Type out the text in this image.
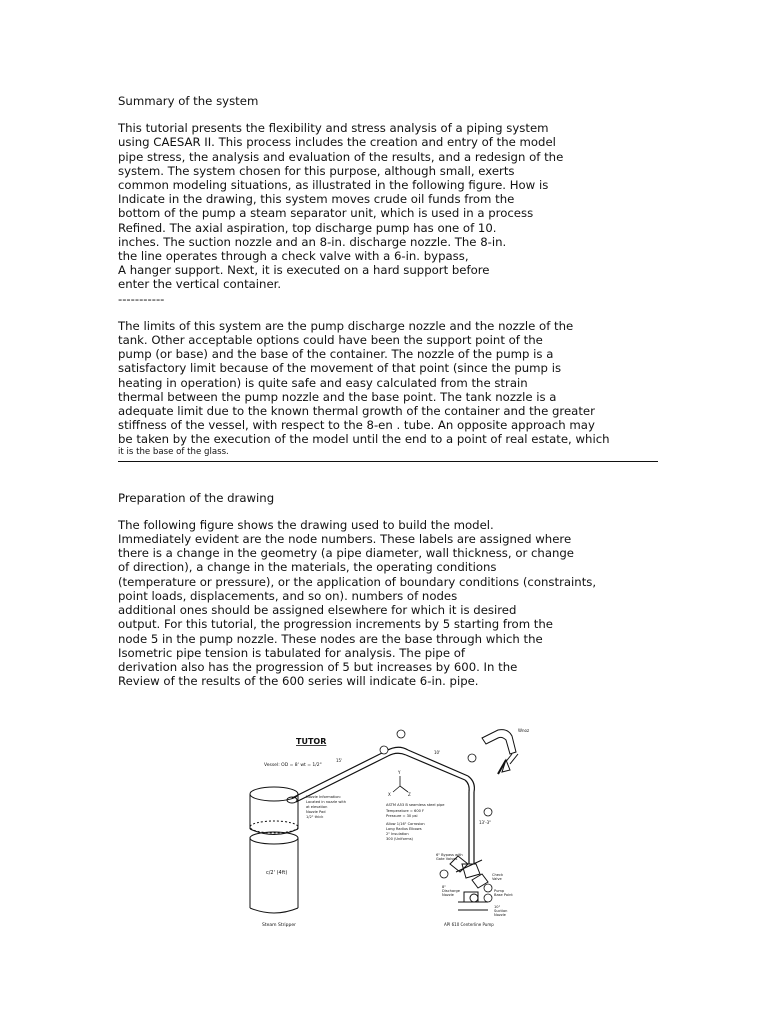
Summary of the system

This tutorial presents the flexibility and stress analysis of a piping system
using CAESAR II. This process includes the creation and entry of the model
pipe stress, the analysis and evaluation of the results, and a redesign of the
system. The system chosen for this purpose, although small, exerts
common modeling situations, as illustrated in the following figure. How is
Indicate in the drawing, this system moves crude oil funds from the
bottom of the pump a steam separator unit, which is used in a process
Refined. The axial aspiration, top discharge pump has one of 10.
inches. The suction nozzle and an 8-in. discharge nozzle. The 8-in.
the line operates through a check valve with a 6-in. bypass,
A hanger support. Next, it is executed on a hard support before
enter the vertical container.
-----------

The limits of this system are the pump discharge nozzle and the nozzle of the
tank. Other acceptable options could have been the support point of the
pump (or base) and the base of the container. The nozzle of the pump is a
satisfactory limit because of the movement of that point (since the pump is
heating in operation) is quite safe and easy calculated from the strain
thermal between the pump nozzle and the base point. The tank nozzle is a
adequate limit due to the known thermal growth of the container and the greater
stiffness of the vessel, with respect to the 8-en . tube. An opposite approach may
be taken by the execution of the model until the end to a point of real estate, which

it is the base of the glass.

Preparation of the drawing

The following figure shows the drawing used to build the model.
Immediately evident are the node numbers. These labels are assigned where
there is a change in the geometry (a pipe diameter, wall thickness, or change
of direction), a change in the materials, the operating conditions
(temperature or pressure), or the application of boundary conditions (constraints,
point loads, displacements, and so on). numbers of nodes
additional ones should be assigned elsewhere for which it is desired
output. For this tutorial, the progression increments by 5 starting from the
node 5 in the pump nozzle. These nodes are the base through which the
Isometric pipe tension is tabulated for analysis. The pipe of
derivation also has the progression of 5 but increases by 600. In the
Review of the results of the 600 series will indicate 6-in. pipe.

TUTOR
Vessel: OD = 8' wt = 1/2"
c/2' (4ft)
Steam Stripper
Y
X	Z
Nozzle Information: Located in nozzle with at elevation Nozzle Pad 1/2" thick
ASTM A53 B seamless steel pipe Temperature = 600 F Pressure = 30 psi Allow 1/16" Corrosion Long Radius Elbows 2" Insulation 300 (Uniforms)
15'
10'
13'-3"
Wnoz
6" Bypass with Gate Valves
Check Valve
Pump Base Point
10" Suction Nozzle
8" Discharge Nozzle
API 610 Centerline Pump
